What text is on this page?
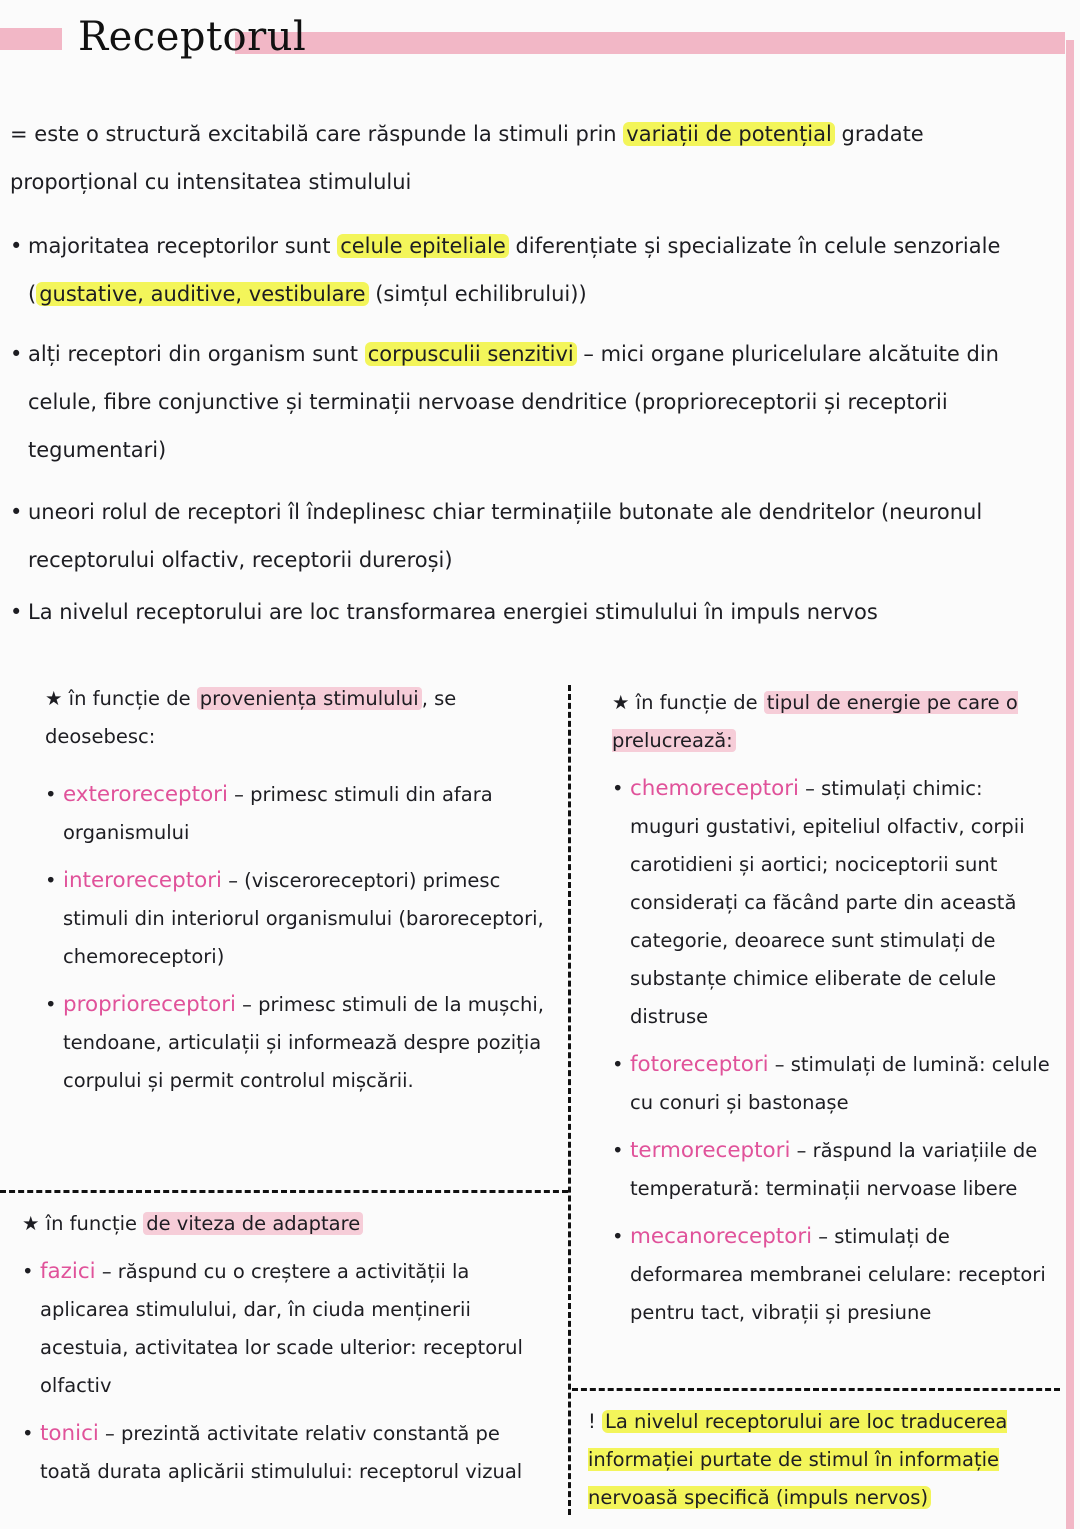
Receptorul
= este o structură excitabilă care răspunde la stimuli prin variații de potențial gradate proporțional cu intensitatea stimulului
• majoritatea receptorilor sunt celule epiteliale diferențiate și specializate în celule senzoriale ( gustative, auditive, vestibulare (simțul echilibrului))
• alți receptori din organism sunt corpusculii senzitivi – mici organe pluricelulare alcătuite din celule, fibre conjunctive și terminații nervoase dendritice (proprioreceptorii și receptorii tegumentari)
• uneori rolul de receptori îl îndeplinesc chiar terminațiile butonate ale dendritelor (neuronul receptorului olfactiv, receptorii dureroși)
• La nivelul receptorului are loc transformarea energiei stimulului în impuls nervos
★ în funcție de proveniența stimulului , se deosebesc:
• exteroreceptori – primesc stimuli din afara organismului
• interoreceptori – (visceroreceptori) primesc stimuli din interiorul organismului (baroreceptori, chemoreceptori)
• proprioreceptori – primesc stimuli de la mușchi, tendoane, articulații și informează despre poziția corpului și permit controlul mișcării.
★ în funcție de viteza de adaptare
• fazici – răspund cu o creștere a activității la aplicarea stimulului, dar, în ciuda menținerii acestuia, activitatea lor scade ulterior: receptorul olfactiv
• tonici – prezintă activitate relativ constantă pe toată durata aplicării stimulului: receptorul vizual
★ în funcție de tipul de energie pe care o prelucrează:
• chemoreceptori – stimulați chimic: muguri gustativi, epiteliul olfactiv, corpii carotidieni și aortici; nociceptorii sunt considerați ca făcând parte din această categorie, deoarece sunt stimulați de substanțe chimice eliberate de celule distruse
• fotoreceptori – stimulați de lumină: celule cu conuri și bastonașe
• termoreceptori – răspund la variațiile de temperatură: terminații nervoase libere
• mecanoreceptori – stimulați de deformarea membranei celulare: receptori pentru tact, vibrații și presiune
! La nivelul receptorului are loc traducerea informației purtate de stimul în informație nervoasă specifică (impuls nervos)
